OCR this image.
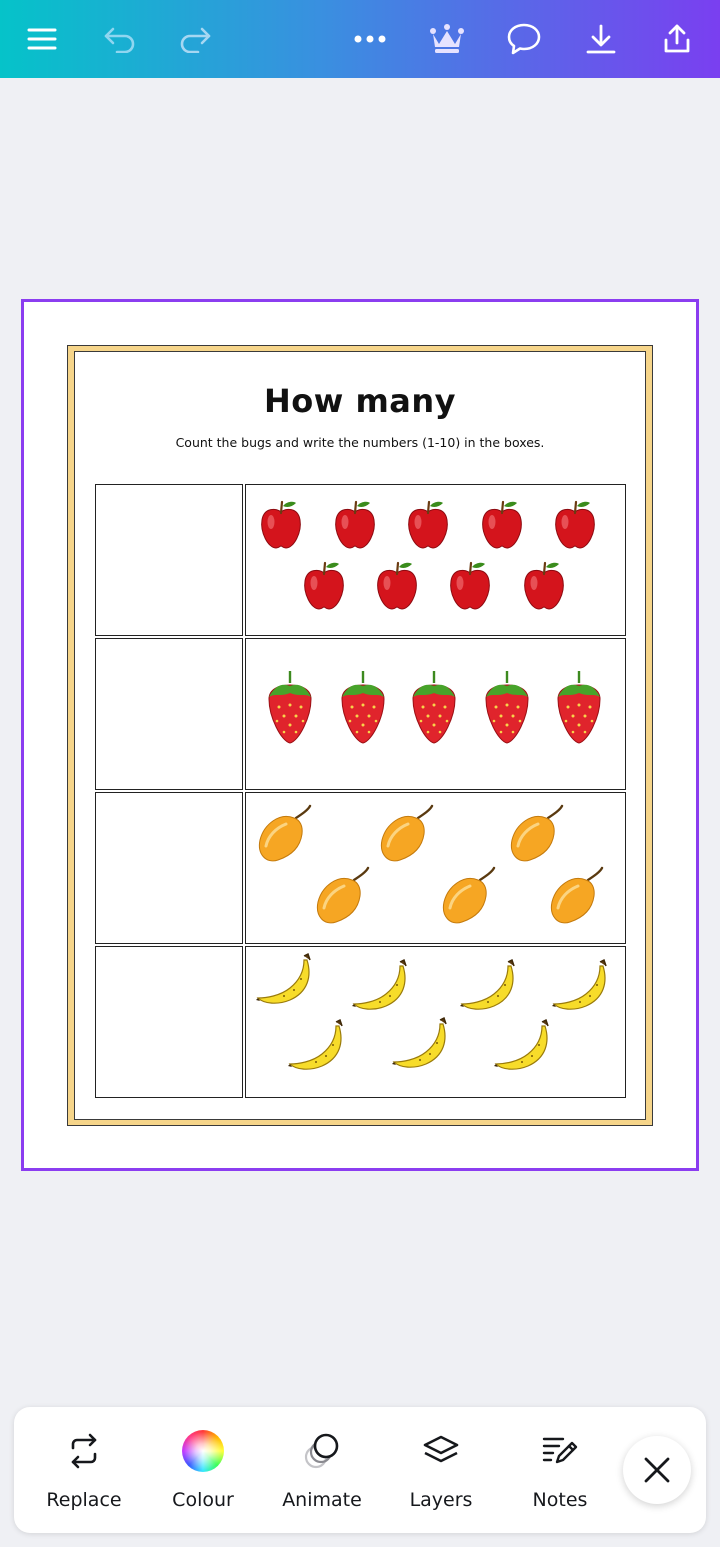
How many
Count the bugs and write the numbers (1-10) in the boxes.
Replace	Colour	Animate	Layers	Notes
